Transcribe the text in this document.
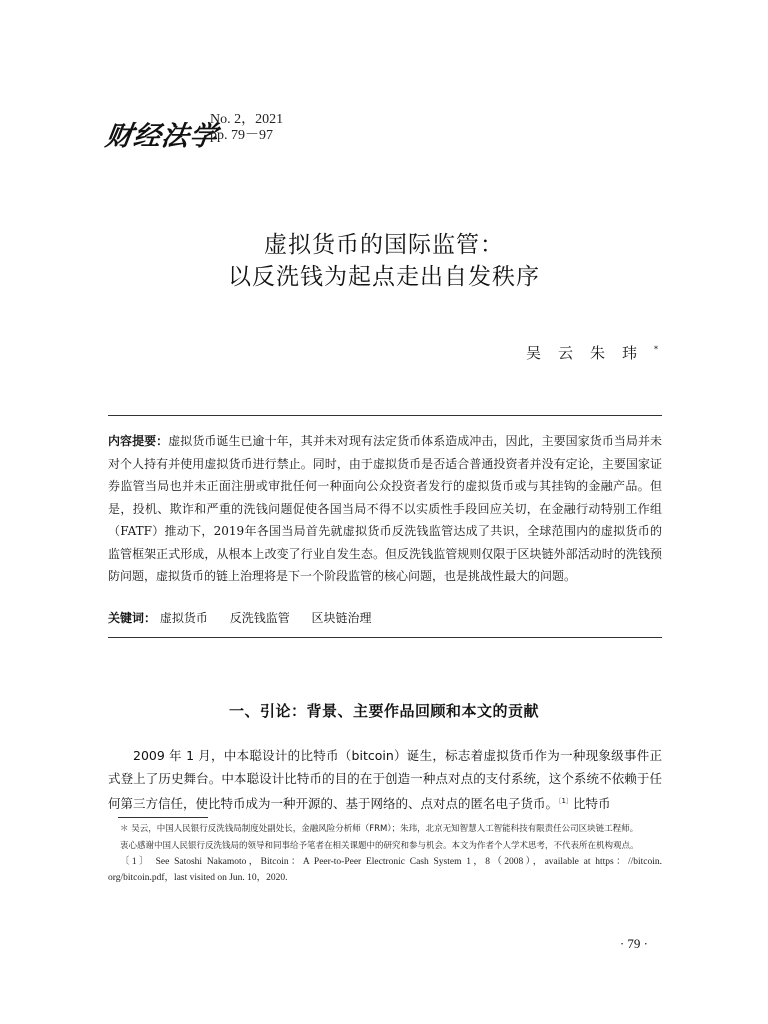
财经法学
No. 2，2021
pp. 79－97
虚拟货币的国际监管：
以反洗钱为起点走出自发秩序
吴云朱玮*
内容提要：虚拟货币诞生已逾十年，其并未对现有法定货币体系造成冲击，因此，主要国家货币当局并未对个人持有并使用虚拟货币进行禁止。同时，由于虚拟货币是否适合普通投资者并没有定论，主要国家证券监管当局也并未正面注册或审批任何一种面向公众投资者发行的虚拟货币或与其挂钩的金融产品。但是，投机、欺诈和严重的洗钱问题促使各国当局不得不以实质性手段回应关切，在金融行动特别工作组（FATF）推动下，2019年各国当局首先就虚拟货币反洗钱监管达成了共识，全球范围内的虚拟货币的监管框架正式形成，从根本上改变了行业自发生态。但反洗钱监管规则仅限于区块链外部活动时的洗钱预防问题，虚拟货币的链上治理将是下一个阶段监管的核心问题，也是挑战性最大的问题。
关键词： 虚拟货币 反洗钱监管 区块链治理
一、引论：背景、主要作品回顾和本文的贡献
2009 年 1 月，中本聪设计的比特币（bitcoin）诞生，标志着虚拟货币作为一种现象级事件正式登上了历史舞台。中本聪设计比特币的目的在于创造一种点对点的支付系统，这个系统不依赖于任何第三方信任，使比特币成为一种开源的、基于网络的、点对点的匿名电子货币。$^{〔1〕}$比特币

＊ 吴云，中国人民银行反洗钱局制度处副处长，金融风险分析师（FRM）；朱玮，北京无知智慧人工智能科技有限责任公司区块链工程师。

衷心感谢中国人民银行反洗钱局的领导和同事给予笔者在相关课题中的研究和参与机会。本文为作者个人学术思考，不代表所在机构观点。

〔1〕 See Satoshi Nakamoto，Bitcoin：A Peer-to-Peer Electronic Cash System 1，8（2008），available at https：//bitcoin. org/bitcoin.pdf，last visited on Jun. 10，2020.

· 79 ·
